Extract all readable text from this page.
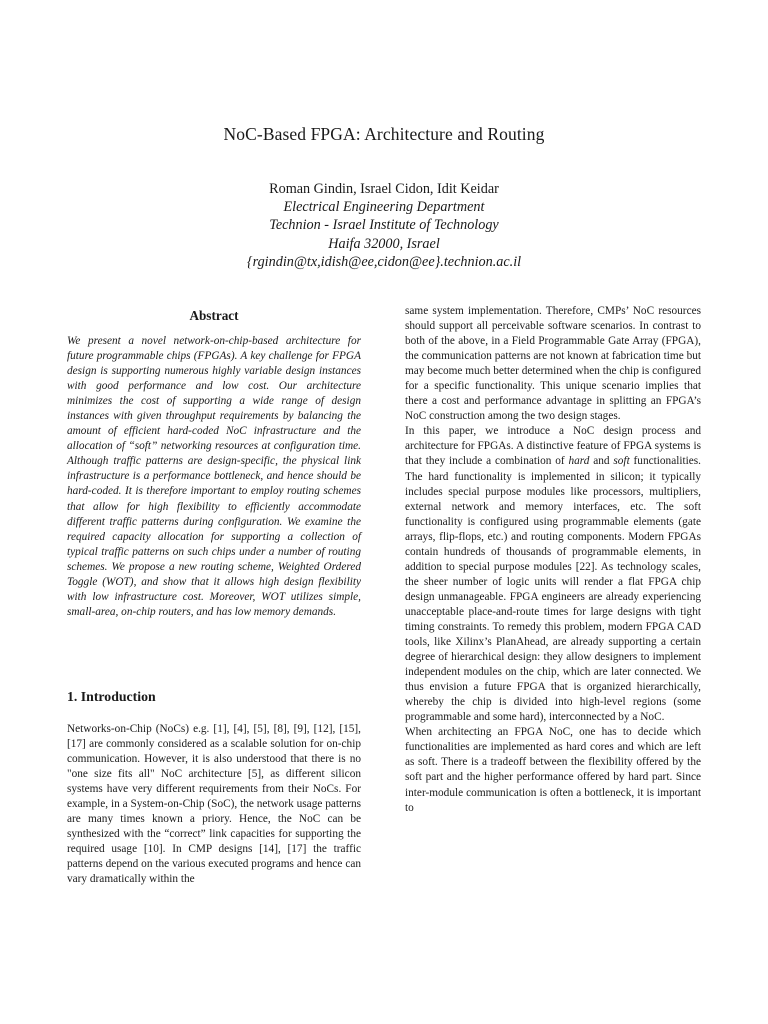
NoC-Based FPGA: Architecture and Routing
Roman Gindin, Israel Cidon, Idit Keidar
Electrical Engineering Department
Technion - Israel Institute of Technology
Haifa 32000, Israel
{rgindin@tx,idish@ee,cidon@ee}.technion.ac.il
Abstract

We present a novel network-on-chip-based architecture for future programmable chips (FPGAs). A key challenge for FPGA design is supporting numerous highly variable design instances with good performance and low cost. Our architecture minimizes the cost of supporting a wide range of design instances with given throughput requirements by balancing the amount of efficient hard-coded NoC infrastructure and the allocation of “soft” networking resources at configuration time. Although traffic patterns are design-specific, the physical link infrastructure is a performance bottleneck, and hence should be hard-coded. It is therefore important to employ routing schemes that allow for high flexibility to efficiently accommodate different traffic patterns during configuration. We examine the required capacity allocation for supporting a collection of typical traffic patterns on such chips under a number of routing schemes. We propose a new routing scheme, Weighted Ordered Toggle (WOT), and show that it allows high design flexibility with low infrastructure cost. Moreover, WOT utilizes simple, small-area, on-chip routers, and has low memory demands.

1. Introduction

Networks-on-Chip (NoCs) e.g. [1], [4], [5], [8], [9], [12], [15],[17] are commonly considered as a scalable solution for on-chip communication. However, it is also understood that there is no "one size fits all" NoC architecture [5], as different silicon systems have very different requirements from their NoCs. For example, in a System-on-Chip (SoC), the network usage patterns are many times known a priory. Hence, the NoC can be synthesized with the “correct” link capacities for supporting the required usage [10]. In CMP designs [14], [17] the traffic patterns depend on the various executed programs and hence can vary dramatically within the

same system implementation. Therefore, CMPs’ NoC resources should support all perceivable software scenarios. In contrast to both of the above, in a Field Programmable Gate Array (FPGA), the communication patterns are not known at fabrication time but may become much better determined when the chip is configured for a specific functionality. This unique scenario implies that there a cost and performance advantage in splitting an FPGA’s NoC construction among the two design stages.

In this paper, we introduce a NoC design process and architecture for FPGAs. A distinctive feature of FPGA systems is that they include a combination of hard and soft functionalities. The hard functionality is implemented in silicon; it typically includes special purpose modules like processors, multipliers, external network and memory interfaces, etc. The soft functionality is configured using programmable elements (gate arrays, flip-flops, etc.) and routing components. Modern FPGAs contain hundreds of thousands of programmable elements, in addition to special purpose modules [22]. As technology scales, the sheer number of logic units will render a flat FPGA chip design unmanageable. FPGA engineers are already experiencing unacceptable place-and-route times for large designs with tight timing constraints. To remedy this problem, modern FPGA CAD tools, like Xilinx’s PlanAhead, are already supporting a certain degree of hierarchical design: they allow designers to implement independent modules on the chip, which are later connected. We thus envision a future FPGA that is organized hierarchically, whereby the chip is divided into high-level regions (some programmable and some hard), interconnected by a NoC.

When architecting an FPGA NoC, one has to decide which functionalities are implemented as hard cores and which are left as soft. There is a tradeoff between the flexibility offered by the soft part and the higher performance offered by hard part. Since inter-module communication is often a bottleneck, it is important to
